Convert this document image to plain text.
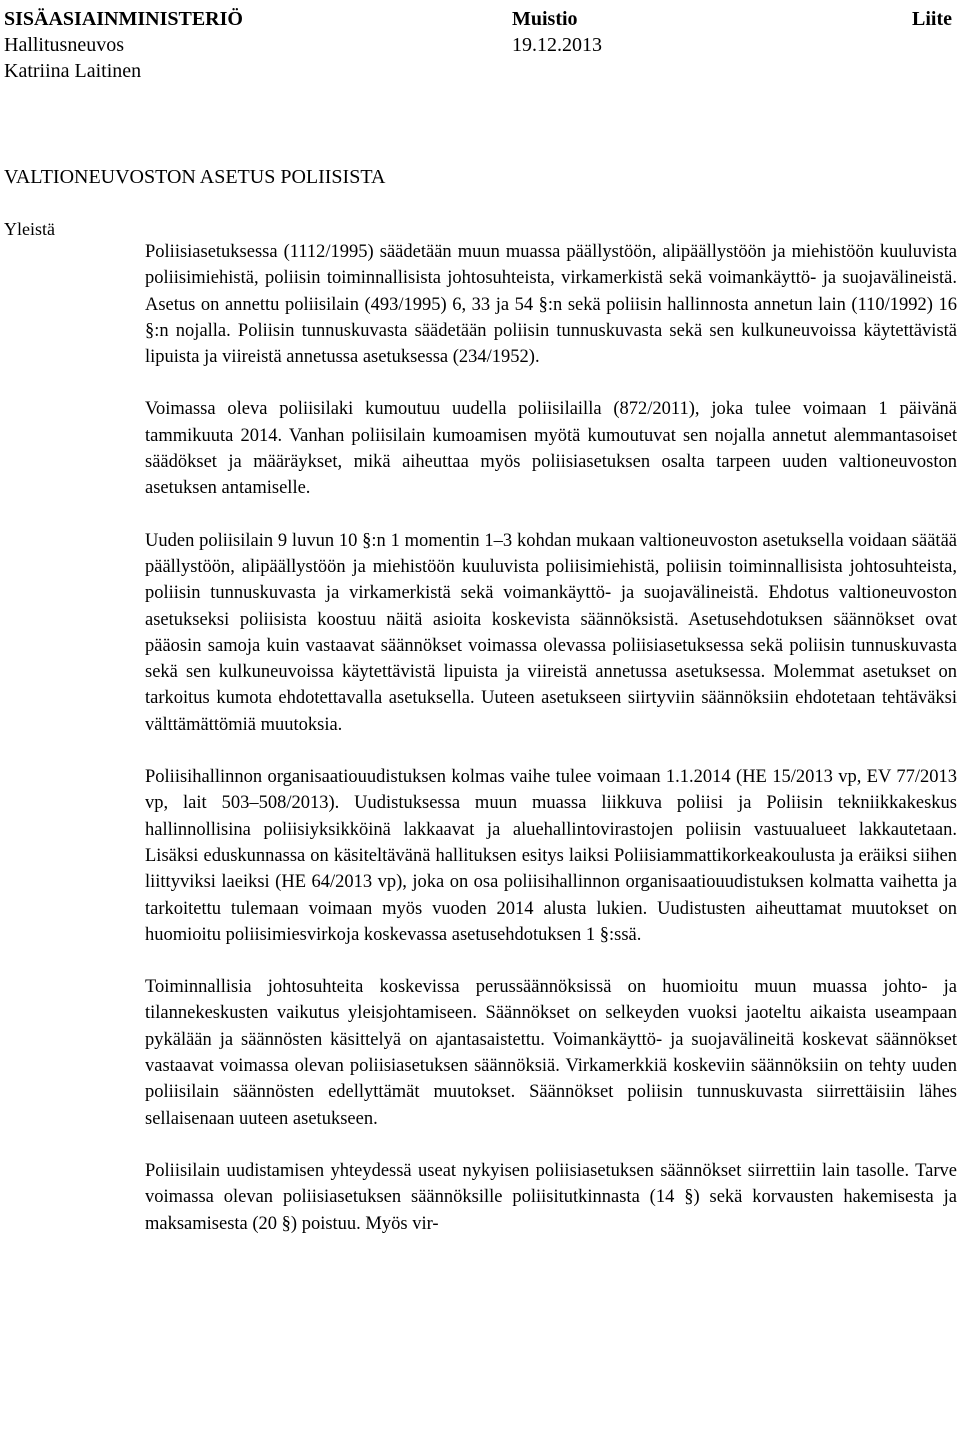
SISÄASIAINMINISTERIÖ	Muistio	Liite
Hallitusneuvos	19.12.2013
Katriina Laitinen
VALTIONEUVOSTON ASETUS POLIISISTA
Yleistä

Poliisiasetuksessa (1112/1995) säädetään muun muassa päällystöön, alipäällystöön ja miehistöön kuuluvista poliisimiehistä, poliisin toiminnallisista johtosuhteista, virkamerkistä sekä voimankäyttö- ja suojavälineistä. Asetus on annettu poliisilain (493/1995) 6, 33 ja 54 §:n sekä poliisin hallinnosta annetun lain (110/1992) 16 §:n nojalla. Poliisin tunnuskuvasta säädetään poliisin tunnuskuvasta sekä sen kulkuneuvoissa käytettävistä lipuista ja viireistä annetussa asetuksessa (234/1952).

Voimassa oleva poliisilaki kumoutuu uudella poliisilailla (872/2011), joka tulee voimaan 1 päivänä tammikuuta 2014. Vanhan poliisilain kumoamisen myötä kumoutuvat sen nojalla annetut alemmantasoiset säädökset ja määräykset, mikä aiheuttaa myös poliisiasetuksen osalta tarpeen uuden valtioneuvoston asetuksen antamiselle.

Uuden poliisilain 9 luvun 10 §:n 1 momentin 1–3 kohdan mukaan valtioneuvoston asetuksella voidaan säätää päällystöön, alipäällystöön ja miehistöön kuuluvista poliisimiehistä, poliisin toiminnallisista johtosuhteista, poliisin tunnuskuvasta ja virkamerkistä sekä voimankäyttö- ja suojavälineistä. Ehdotus valtioneuvoston asetukseksi poliisista koostuu näitä asioita koskevista säännöksistä. Asetusehdotuksen säännökset ovat pääosin samoja kuin vastaavat säännökset voimassa olevassa poliisiasetuksessa sekä poliisin tunnuskuvasta sekä sen kulkuneuvoissa käytettävistä lipuista ja viireistä annetussa asetuksessa. Molemmat asetukset on tarkoitus kumota ehdotettavalla asetuksella. Uuteen asetukseen siirtyviin säännöksiin ehdotetaan tehtäväksi välttämättömiä muutoksia.

Poliisihallinnon organisaatiouudistuksen kolmas vaihe tulee voimaan 1.1.2014 (HE 15/2013 vp, EV 77/2013 vp, lait 503–508/2013). Uudistuksessa muun muassa liikkuva poliisi ja Poliisin tekniikkakeskus hallinnollisina poliisiyksikköinä lakkaavat ja aluehallintovirastojen poliisin vastuualueet lakkautetaan. Lisäksi eduskunnassa on käsiteltävänä hallituksen esitys laiksi Poliisiammattikorkeakoulusta ja eräiksi siihen liittyviksi laeiksi (HE 64/2013 vp), joka on osa poliisihallinnon organisaatiouudistuksen kolmatta vaihetta ja tarkoitettu tulemaan voimaan myös vuoden 2014 alusta lukien. Uudistusten aiheuttamat muutokset on huomioitu poliisimiesvirkoja koskevassa asetusehdotuksen 1 §:ssä.

Toiminnallisia johtosuhteita koskevissa perussäännöksissä on huomioitu muun muassa johto- ja tilannekeskusten vaikutus yleisjohtamiseen. Säännökset on selkeyden vuoksi jaoteltu aikaista useampaan pykälään ja säännösten käsittelyä on ajantasaistettu. Voimankäyttö- ja suojavälineitä koskevat säännökset vastaavat voimassa olevan poliisiasetuksen säännöksiä. Virkamerkkiä koskeviin säännöksiin on tehty uuden poliisilain säännösten edellyttämät muutokset. Säännökset poliisin tunnuskuvasta siirrettäisiin lähes sellaisenaan uuteen asetukseen.

Poliisilain uudistamisen yhteydessä useat nykyisen poliisiasetuksen säännökset siirrettiin lain tasolle. Tarve voimassa olevan poliisiasetuksen säännöksille poliisitutkinnasta (14 §) sekä korvausten hakemisesta ja maksamisesta (20 §) poistuu. Myös vir-
